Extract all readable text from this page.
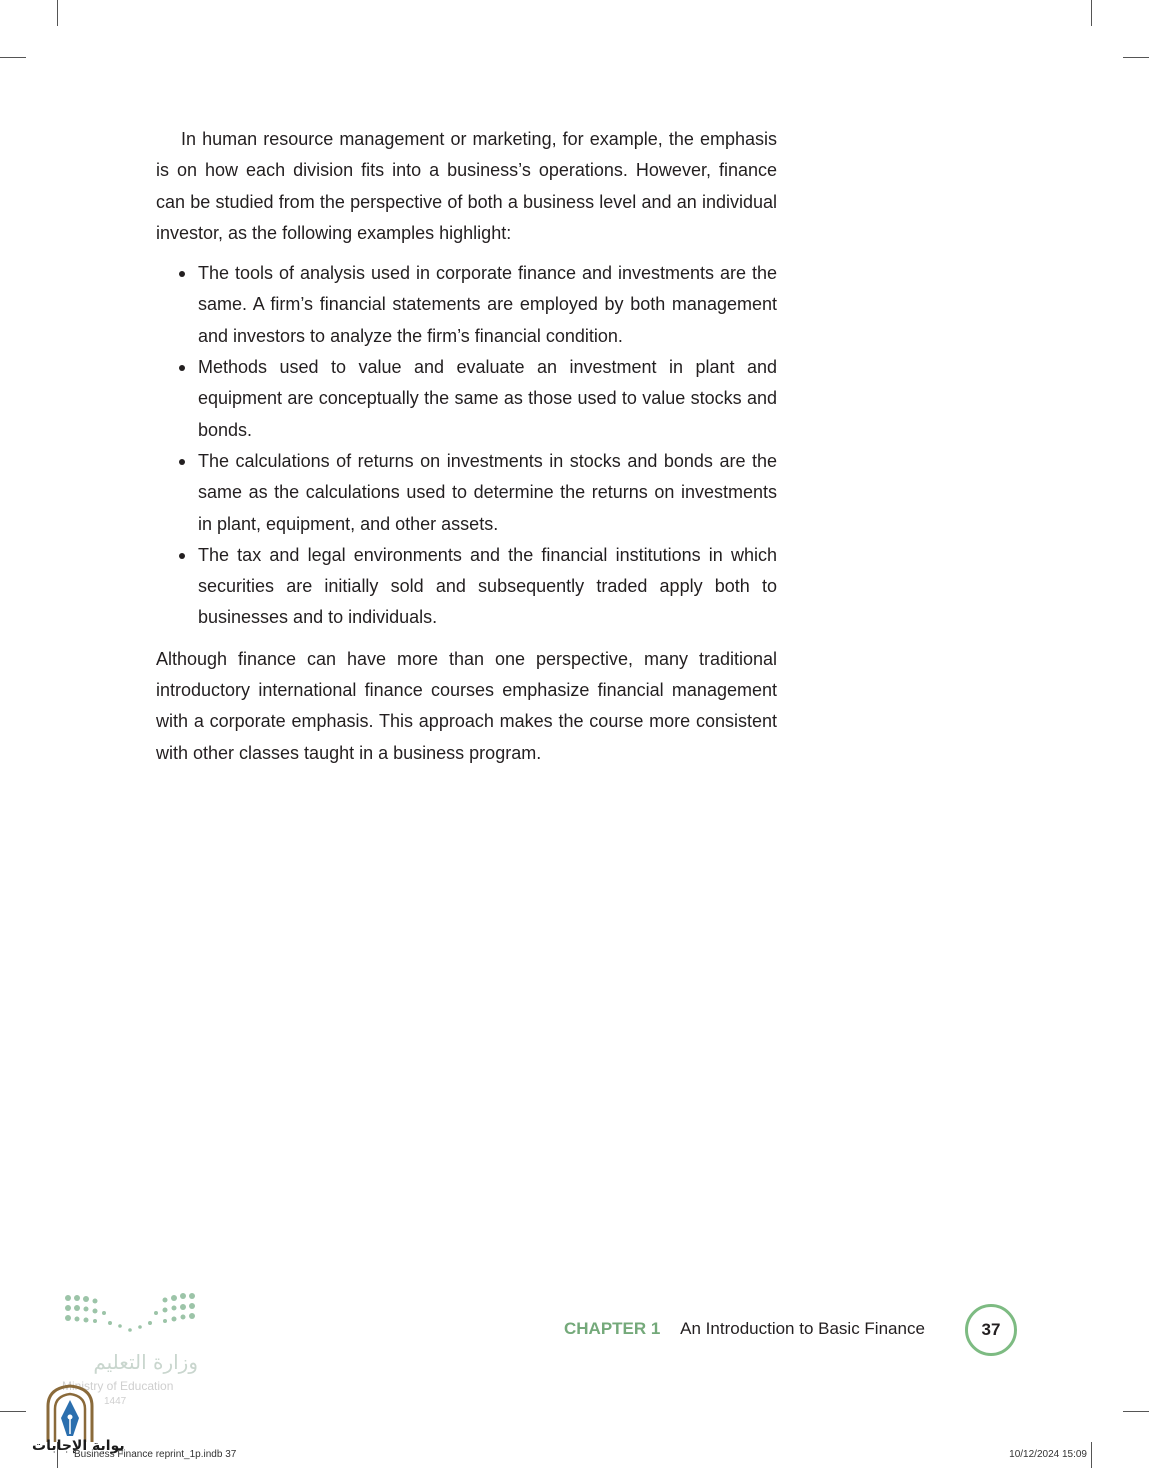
In human resource management or marketing, for example, the emphasis is on how each division fits into a business’s operations. However, finance can be studied from the perspective of both a business level and an individual investor, as the following examples highlight:

The tools of analysis used in corporate finance and investments are the same. A firm’s financial statements are employed by both management and investors to analyze the firm’s financial condition.
Methods used to value and evaluate an investment in plant and equipment are conceptually the same as those used to value stocks and bonds.
The calculations of returns on investments in stocks and bonds are the same as the calculations used to determine the returns on investments in plant, equipment, and other assets.
The tax and legal environments and the financial institutions in which securities are initially sold and subsequently traded apply both to businesses and to individuals.

Although finance can have more than one perspective, many traditional introductory international finance courses emphasize financial management with a corporate emphasis. This approach makes the course more consistent with other classes taught in a business program.

وزارة التعليم
Ministry of Education
1447
بوابة الإجابات
CHAPTER 1 An Introduction to Basic Finance	37
Business Finance reprint_1p.indb 37	10/12/2024 15:09
